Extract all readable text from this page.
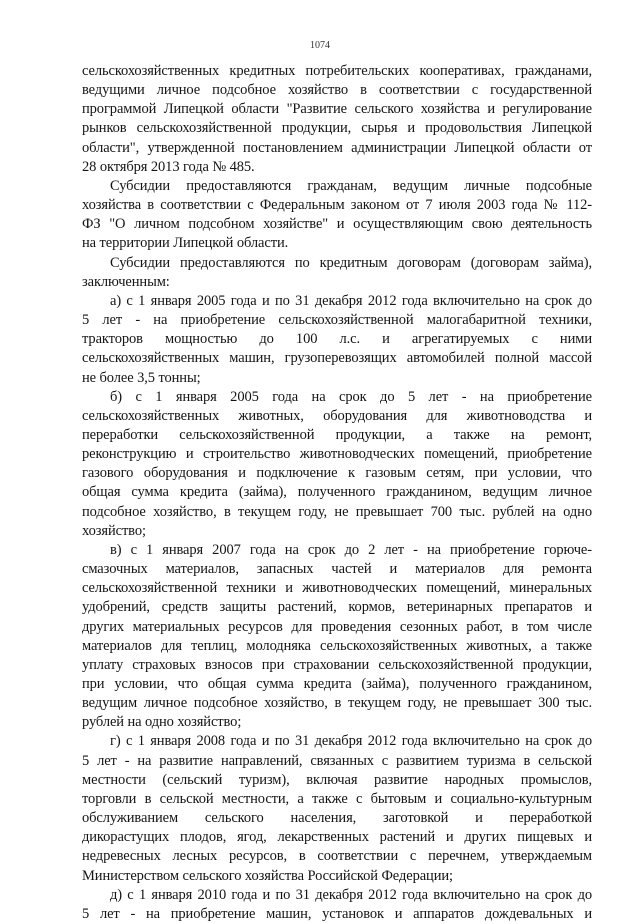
1074
сельскохозяйственных кредитных потребительских кооперативах, гражданами,
ведущими личное подсобное хозяйство в соответствии с государственной
программой Липецкой области "Развитие сельского хозяйства и регулирование
рынков сельскохозяйственной продукции, сырья и продовольствия Липецкой
области", утвержденной постановлением администрации Липецкой области от
28 октября 2013 года № 485.
Субсидии предоставляются гражданам, ведущим личные подсобные
хозяйства в соответствии с Федеральным законом от 7 июля 2003 года № 112-
ФЗ "О личном подсобном хозяйстве" и осуществляющим свою деятельность
на территории Липецкой области.
Субсидии предоставляются по кредитным договорам (договорам займа),
заключенным:
а) с 1 января 2005 года и по 31 декабря 2012 года включительно на срок до
5 лет - на приобретение сельскохозяйственной малогабаритной техники,
тракторов мощностью до 100 л.с. и агрегатируемых с ними
сельскохозяйственных машин, грузоперевозящих автомобилей полной массой
не более 3,5 тонны;
б) с 1 января 2005 года на срок до 5 лет - на приобретение
сельскохозяйственных животных, оборудования для животноводства и
переработки сельскохозяйственной продукции, а также на ремонт,
реконструкцию и строительство животноводческих помещений, приобретение
газового оборудования и подключение к газовым сетям, при условии, что
общая сумма кредита (займа), полученного гражданином, ведущим личное
подсобное хозяйство, в текущем году, не превышает 700 тыс. рублей на одно
хозяйство;
в) с 1 января 2007 года на срок до 2 лет - на приобретение горюче-
смазочных материалов, запасных частей и материалов для ремонта
сельскохозяйственной техники и животноводческих помещений, минеральных
удобрений, средств защиты растений, кормов, ветеринарных препаратов и
других материальных ресурсов для проведения сезонных работ, в том числе
материалов для теплиц, молодняка сельскохозяйственных животных, а также
уплату страховых взносов при страховании сельскохозяйственной продукции,
при условии, что общая сумма кредита (займа), полученного гражданином,
ведущим личное подсобное хозяйство, в текущем году, не превышает 300 тыс.
рублей на одно хозяйство;
г) с 1 января 2008 года и по 31 декабря 2012 года включительно на срок до
5 лет - на развитие направлений, связанных с развитием туризма в сельской
местности (сельский туризм), включая развитие народных промыслов,
торговли в сельской местности, а также с бытовым и социально-культурным
обслуживанием сельского населения, заготовкой и переработкой
дикорастущих плодов, ягод, лекарственных растений и других пищевых и
недревесных лесных ресурсов, в соответствии с перечнем, утверждаемым
Министерством сельского хозяйства Российской Федерации;
д) с 1 января 2010 года и по 31 декабря 2012 года включительно на срок до
5 лет - на приобретение машин, установок и аппаратов дождевальных и
